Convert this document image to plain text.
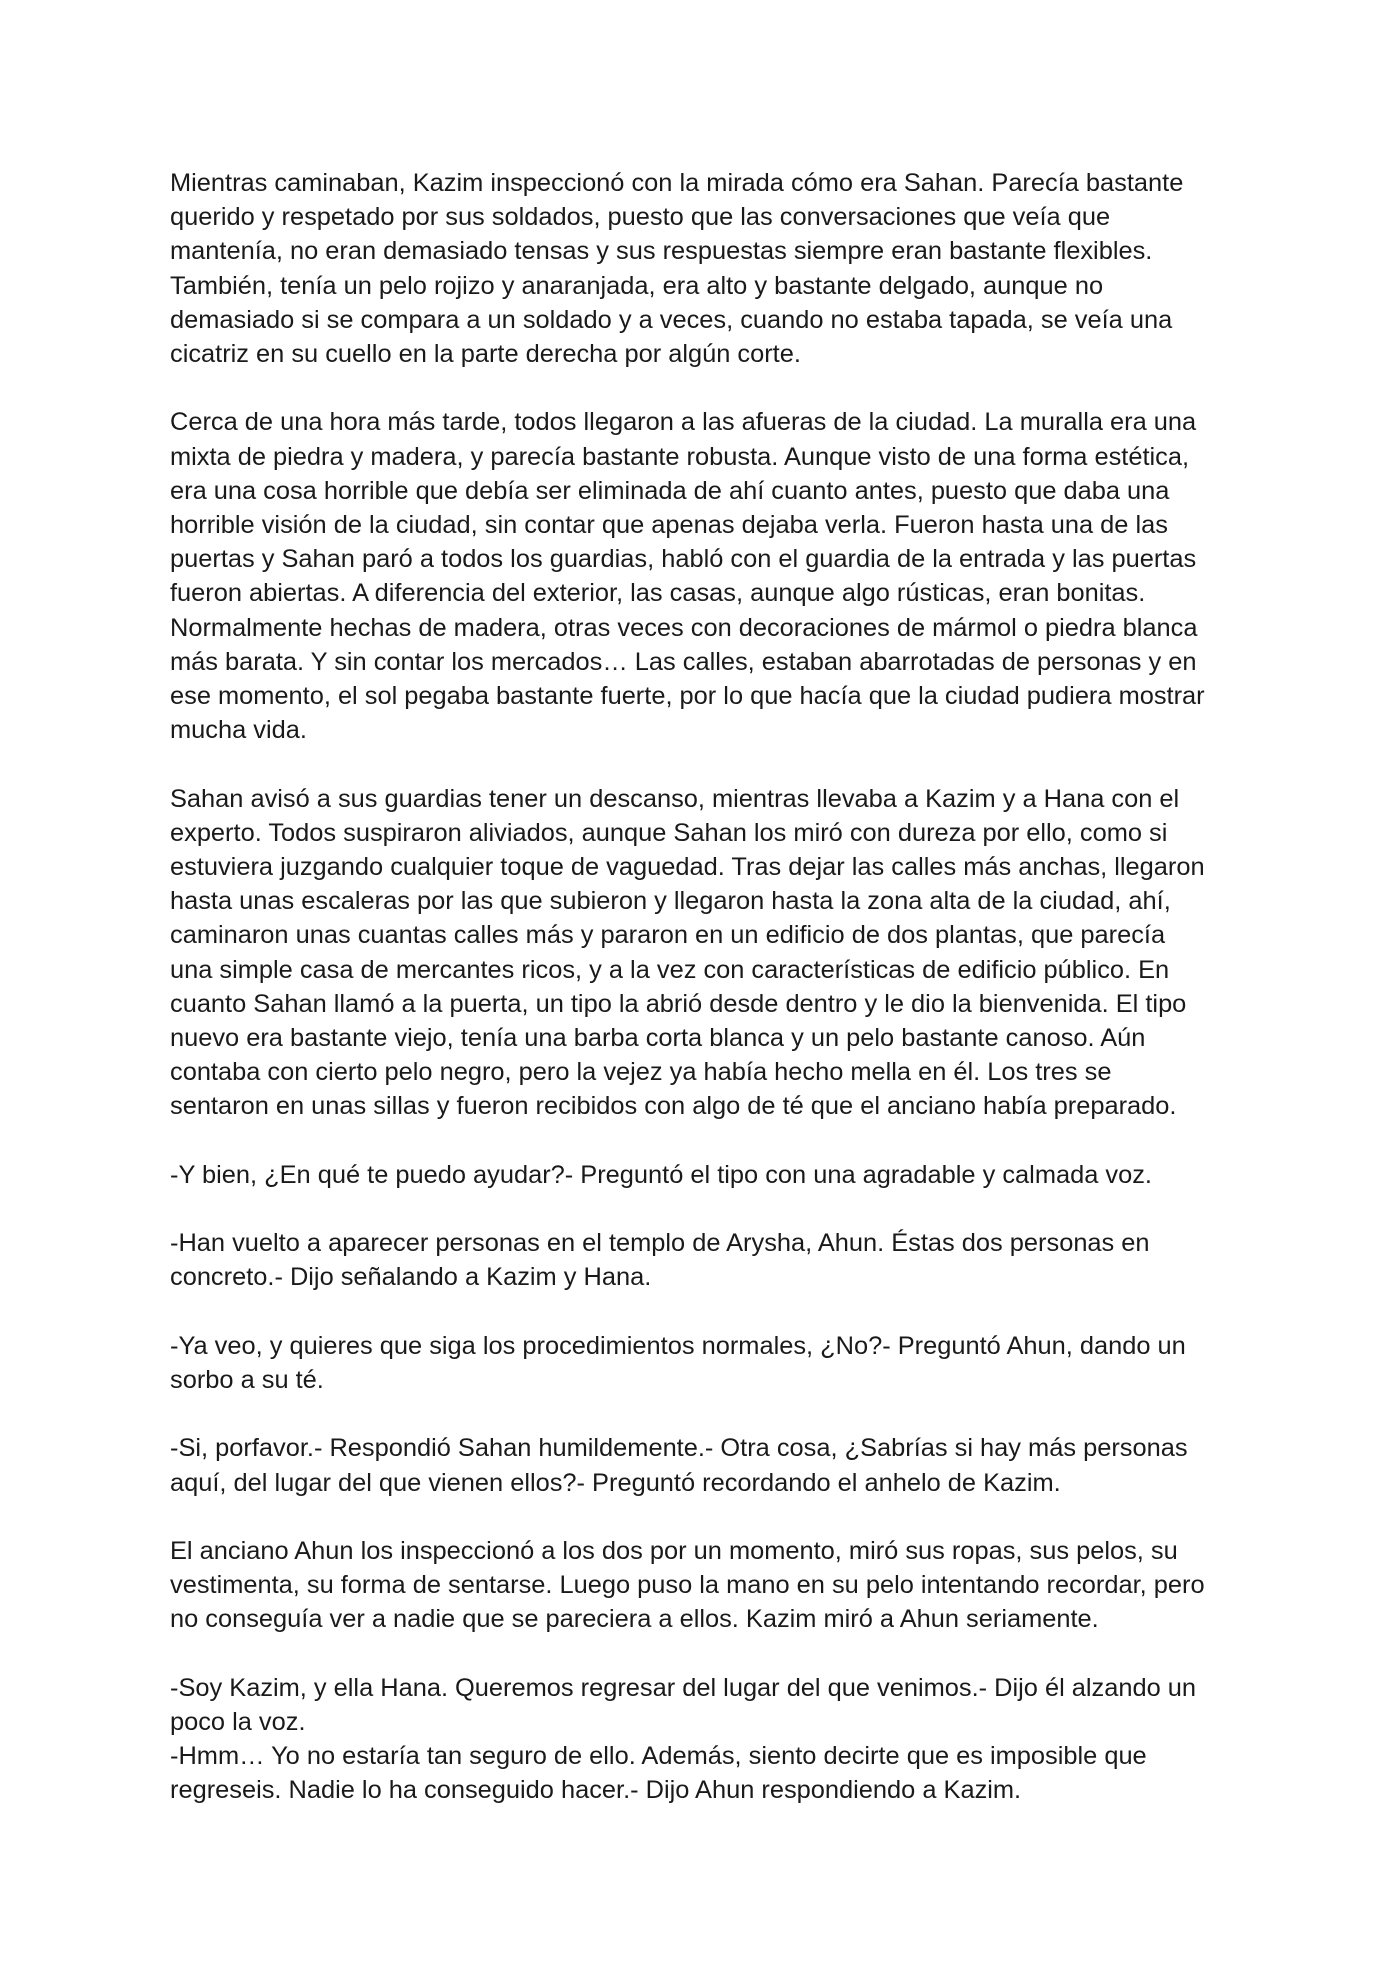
Mientras caminaban, Kazim inspeccionó con la mirada cómo era Sahan. Parecía bastante
querido y respetado por sus soldados, puesto que las conversaciones que veía que
mantenía, no eran demasiado tensas y sus respuestas siempre eran bastante flexibles.
También, tenía un pelo rojizo y anaranjada, era alto y bastante delgado, aunque no
demasiado si se compara a un soldado y a veces, cuando no estaba tapada, se veía una
cicatriz en su cuello en la parte derecha por algún corte.

Cerca de una hora más tarde, todos llegaron a las afueras de la ciudad. La muralla era una
mixta de piedra y madera, y parecía bastante robusta. Aunque visto de una forma estética,
era una cosa horrible que debía ser eliminada de ahí cuanto antes, puesto que daba una
horrible visión de la ciudad, sin contar que apenas dejaba verla. Fueron hasta una de las
puertas y Sahan paró a todos los guardias, habló con el guardia de la entrada y las puertas
fueron abiertas. A diferencia del exterior, las casas, aunque algo rústicas, eran bonitas.
Normalmente hechas de madera, otras veces con decoraciones de mármol o piedra blanca
más barata. Y sin contar los mercados… Las calles, estaban abarrotadas de personas y en
ese momento, el sol pegaba bastante fuerte, por lo que hacía que la ciudad pudiera mostrar
mucha vida.

Sahan avisó a sus guardias tener un descanso, mientras llevaba a Kazim y a Hana con el
experto. Todos suspiraron aliviados, aunque Sahan los miró con dureza por ello, como si
estuviera juzgando cualquier toque de vaguedad. Tras dejar las calles más anchas, llegaron
hasta unas escaleras por las que subieron y llegaron hasta la zona alta de la ciudad, ahí,
caminaron unas cuantas calles más y pararon en un edificio de dos plantas, que parecía
una simple casa de mercantes ricos, y a la vez con características de edificio público. En
cuanto Sahan llamó a la puerta, un tipo la abrió desde dentro y le dio la bienvenida. El tipo
nuevo era bastante viejo, tenía una barba corta blanca y un pelo bastante canoso. Aún
contaba con cierto pelo negro, pero la vejez ya había hecho mella en él. Los tres se
sentaron en unas sillas y fueron recibidos con algo de té que el anciano había preparado.

-Y bien, ¿En qué te puedo ayudar?- Preguntó el tipo con una agradable y calmada voz.

-Han vuelto a aparecer personas en el templo de Arysha, Ahun. Éstas dos personas en
concreto.- Dijo señalando a Kazim y Hana.

-Ya veo, y quieres que siga los procedimientos normales, ¿No?- Preguntó Ahun, dando un
sorbo a su té.

-Si, porfavor.- Respondió Sahan humildemente.- Otra cosa, ¿Sabrías si hay más personas
aquí, del lugar del que vienen ellos?- Preguntó recordando el anhelo de Kazim.

El anciano Ahun los inspeccionó a los dos por un momento, miró sus ropas, sus pelos, su
vestimenta, su forma de sentarse. Luego puso la mano en su pelo intentando recordar, pero
no conseguía ver a nadie que se pareciera a ellos. Kazim miró a Ahun seriamente.

-Soy Kazim, y ella Hana. Queremos regresar del lugar del que venimos.- Dijo él alzando un
poco la voz.

-Hmm… Yo no estaría tan seguro de ello. Además, siento decirte que es imposible que
regreseis. Nadie lo ha conseguido hacer.- Dijo Ahun respondiendo a Kazim.
